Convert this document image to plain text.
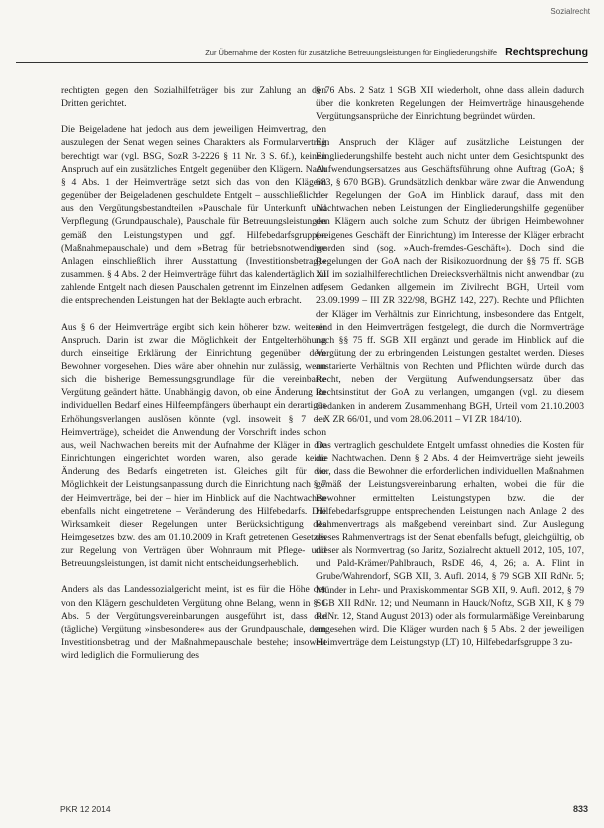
Sozialrecht
Zur Übernahme der Kosten für zusätzliche Betreuungsleistungen für Eingliederungshilfe Rechtsprechung

rechtigten gegen den Sozialhilfeträger bis zur Zahlung an den Dritten gerichtet.

Die Beigeladene hat jedoch aus dem jeweiligen Heimvertrag, den auszulegen der Senat wegen seines Charakters als Formularvertrag berechtigt war (vgl. BSG, SozR 3-2226 § 11 Nr. 3 S. 6f.), keinen Anspruch auf ein zusätzliches Entgelt gegenüber den Klägern. Nach § 4 Abs. 1 der Heimverträge setzt sich das von den Klägern gegenüber der Beigeladenen geschuldete Entgelt – ausschließlich – aus den Vergütungsbestandteilen »Pauschale für Unterkunft und Verpflegung (Grundpauschale), Pauschale für Betreuungsleistungen gemäß den Leistungstypen und ggf. Hilfebedarfsgruppen (Maßnahmepauschale) und dem »Betrag für betriebsnotwendige Anlagen einschließlich ihrer Ausstattung (Investitionsbetrag)« zusammen. § 4 Abs. 2 der Heimverträge führt das kalendertäglich zu zahlende Entgelt nach diesen Pauschalen getrennt im Einzelnen auf, die entsprechenden Leistungen hat der Beklagte auch erbracht.

Aus § 6 der Heimverträge ergibt sich kein höherer bzw. weiterer Anspruch. Darin ist zwar die Möglichkeit der Entgelterhöhung durch einseitige Erklärung der Einrichtung gegenüber dem Bewohner vorgesehen. Dies wäre aber ohnehin nur zulässig, wenn sich die bisherige Bemessungsgrundlage für die vereinbarte Vergütung geändert hätte. Unabhängig davon, ob eine Änderung im individuellen Bedarf eines Hilfeempfängers überhaupt ein derartiges Erhöhungsverlangen auslösen könnte (vgl. insoweit § 7 der Heimverträge), scheidet die Anwendung der Vorschrift indes schon aus, weil Nachwachen bereits mit der Aufnahme der Kläger in die Einrichtungen eingerichtet worden waren, also gerade keine Änderung des Bedarfs eingetreten ist. Gleiches gilt für die Möglichkeit der Leistungsanpassung durch die Einrichtung nach § 7 der Heimverträge, bei der – hier im Hinblick auf die Nachtwachen ebenfalls nicht eingetretene – Veränderung des Hilfebedarfs. Die Wirksamkeit dieser Regelungen unter Berücksichtigung des Heimgesetzes bzw. des am 01.10.2009 in Kraft getretenen Gesetzes zur Regelung von Verträgen über Wohnraum mit Pflege- und Betreuungsleistungen, ist damit nicht entscheidungserheblich.

Anders als das Landessozialgericht meint, ist es für die Höhe der von den Klägern geschuldeten Vergütung ohne Belang, wenn in § 1 Abs. 5 der Vergütungsvereinbarungen ausgeführt ist, dass die (tägliche) Vergütung »insbesondere« aus der Grundpauschale, dem Investitionsbetrag und der Maßnahmepauschale bestehe; insoweit wird lediglich die Formulierung des

§ 76 Abs. 2 Satz 1 SGB XII wiederholt, ohne dass allein dadurch über die konkreten Regelungen der Heimverträge hinausgehende Vergütungsansprüche der Einrichtung begründet würden.

Ein Anspruch der Kläger auf zusätzliche Leistungen der Eingliederungshilfe besteht auch nicht unter dem Gesichtspunkt des Aufwendungsersatzes aus Geschäftsführung ohne Auftrag (GoA; § 683, § 670 BGB). Grundsätzlich denkbar wäre zwar die Anwendung der Regelungen der GoA im Hinblick darauf, dass mit den Nachtwachen neben Leistungen der Eingliederungshilfe gegenüber den Klägern auch solche zum Schutz der übrigen Heimbewohner (»eigenes Geschäft der Einrichtung) im Interesse der Kläger erbracht worden sind (sog. »Auch-fremdes-Geschäft«). Doch sind die Regelungen der GoA nach der Risikozuordnung der §§ 75 ff. SGB XII im sozialhilferechtlichen Dreiecksverhältnis nicht anwendbar (zu diesem Gedanken allgemein im Zivilrecht BGH, Urteil vom 23.09.1999 – III ZR 322/98, BGHZ 142, 227). Rechte und Pflichten der Kläger im Verhältnis zur Einrichtung, insbesondere das Entgelt, sind in den Heimverträgen festgelegt, die durch die Normverträge nach §§ 75 ff. SGB XII ergänzt und gerade im Hinblick auf die Vergütung der zu erbringenden Leistungen gestaltet werden. Dieses austarierte Verhältnis von Rechten und Pflichten würde durch das Recht, neben der Vergütung Aufwendungsersatz über das Rechtsinstitut der GoA zu verlangen, umgangen (vgl. zu diesem Gedanken in anderem Zusammenhang BGH, Urteil vom 21.10.2003 – X ZR 66/01, und vom 28.06.2011 – VI ZR 184/10).

Das vertraglich geschuldete Entgelt umfasst ohnedies die Kosten für die Nachtwachen. Denn § 2 Abs. 4 der Heimverträge sieht jeweils vor, dass die Bewohner die erforderlichen individuellen Maßnahmen gemäß der Leistungsvereinbarung erhalten, wobei die für die Bewohner ermittelten Leistungstypen bzw. die der Hilfebedarfsgruppe entsprechenden Leistungen nach Anlage 2 des Rahmenvertrags als maßgebend vereinbart sind. Zur Auslegung dieses Rahmenvertrags ist der Senat ebenfalls befugt, gleichgültig, ob dieser als Normvertrag (so Jaritz, Sozialrecht aktuell 2012, 105, 107, und Pald-Krämer/Pahlbrauch, RsDE 46, 4, 26; a. A. Flint in Grube/Wahrendorf, SGB XII, 3. Aufl. 2014, § 79 SGB XII RdNr. 5; Münder in Lehr- und Praxiskommentar SGB XII, 9. Aufl. 2012, § 79 SGB XII RdNr. 12; und Neumann in Hauck/Noftz, SGB XII, K § 79 RdNr. 12, Stand August 2013) oder als formularmäßige Vereinbarung angesehen wird. Die Kläger wurden nach § 5 Abs. 2 der jeweiligen Heimverträge dem Leistungstyp (LT) 10, Hilfebedarfsgruppe 3 zu-

PKR 12 2014	833
